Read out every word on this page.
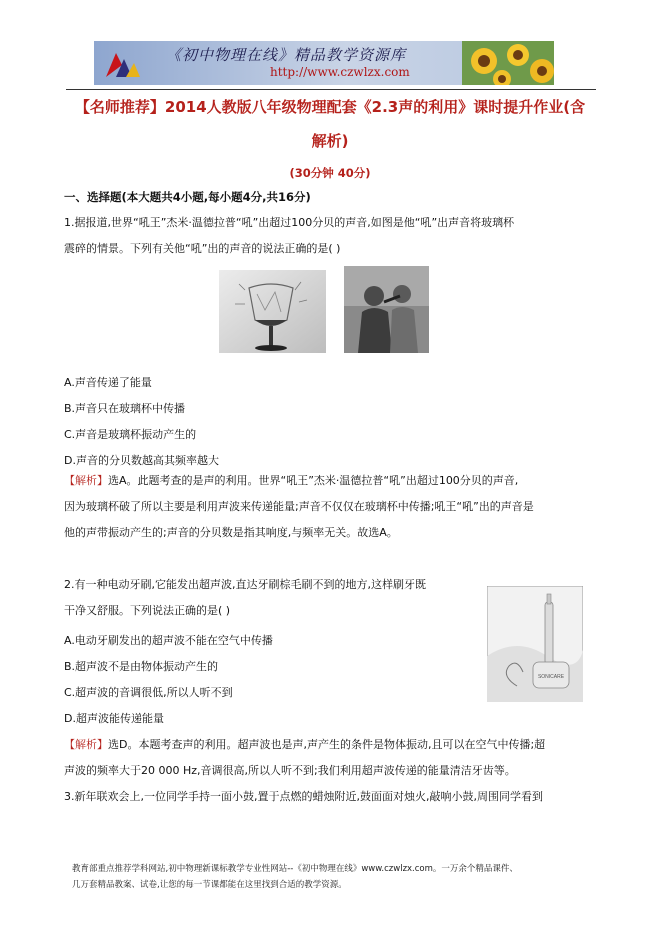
《初中物理在线》精品教学资源库
http://www.czwlzx.com
【名师推荐】2014人教版八年级物理配套《2.3声的利用》课时提升作业(含
解析)
(30分钟 40分)
一、选择题(本大题共4小题,每小题4分,共16分)
1.据报道,世界“吼王”杰米·温德拉普“吼”出超过100分贝的声音,如图是他“吼”出声音将玻璃杯
震碎的情景。下列有关他“吼”出的声音的说法正确的是( )
A.声音传递了能量
B.声音只在玻璃杯中传播
C.声音是玻璃杯振动产生的
D.声音的分贝数越高其频率越大
【解析】选A。此题考查的是声的利用。世界“吼王”杰米·温德拉普“吼”出超过100分贝的声音,
因为玻璃杯破了所以主要是利用声波来传递能量;声音不仅仅在玻璃杯中传播;吼王“吼”出的声音是
他的声带振动产生的;声音的分贝数是指其响度,与频率无关。故选A。
2.有一种电动牙刷,它能发出超声波,直达牙刷棕毛刷不到的地方,这样刷牙既
干净又舒服。下列说法正确的是( )
SONICARE
A.电动牙刷发出的超声波不能在空气中传播
B.超声波不是由物体振动产生的
C.超声波的音调很低,所以人听不到
D.超声波能传递能量
【解析】选D。本题考查声的利用。超声波也是声,声产生的条件是物体振动,且可以在空气中传播;超
声波的频率大于20 000 Hz,音调很高,所以人听不到;我们利用超声波传递的能量清洁牙齿等。
3.新年联欢会上,一位同学手持一面小鼓,置于点燃的蜡烛附近,鼓面面对烛火,敲响小鼓,周围同学看到
教育部重点推荐学科网站,初中物理新课标教学专业性网站--《初中物理在线》www.czwlzx.com。一万余个精品课件、
几万套精品教案、试卷,让您的每一节课都能在这里找到合适的教学资源。
